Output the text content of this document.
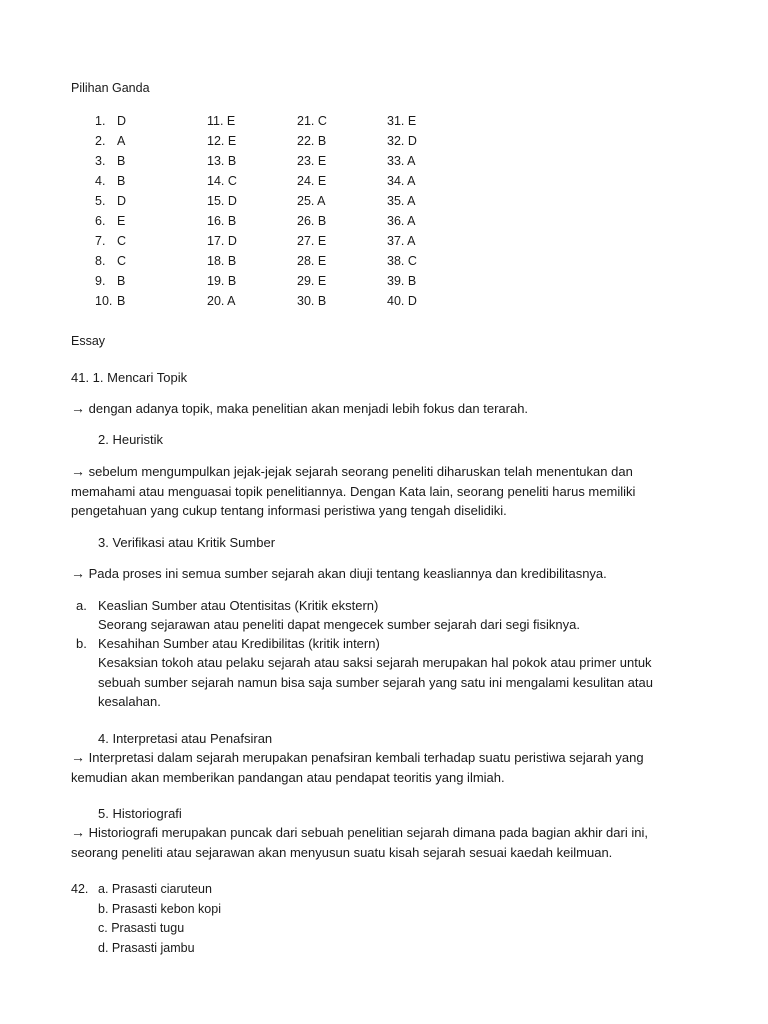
Pilihan Ganda
1. D	11. E	21. C	31. E
2. A	12. E	22. B	32. D
3. B	13. B	23. E	33. A
4. B	14. C	24. E	34. A
5. D	15. D	25. A	35. A
6. E	16. B	26. B	36. A
7. C	17. D	27. E	37. A
8. C	18. B	28. E	38. C
9. B	19. B	29. E	39. B
10. B	20. A	30. B	40. D
Essay
41. 1. Mencari Topik
→ dengan adanya topik, maka penelitian akan menjadi lebih fokus dan terarah.
2. Heuristik
→ sebelum mengumpulkan jejak-jejak sejarah seorang peneliti diharuskan telah menentukan dan memahami atau menguasai topik penelitiannya. Dengan Kata lain, seorang peneliti harus memiliki pengetahuan yang cukup tentang informasi peristiwa yang tengah diselidiki.
3. Verifikasi atau Kritik Sumber
→ Pada proses ini semua sumber sejarah akan diuji tentang keasliannya dan kredibilitasnya.
a. Keaslian Sumber atau Otentisitas (Kritik ekstern)
Seorang sejarawan atau peneliti dapat mengecek sumber sejarah dari segi fisiknya.
b. Kesahihan Sumber atau Kredibilitas (kritik intern)
Kesaksian tokoh atau pelaku sejarah atau saksi sejarah merupakan hal pokok atau primer untuk sebuah sumber sejarah namun bisa saja sumber sejarah yang satu ini mengalami kesulitan atau kesalahan.
4. Interpretasi atau Penafsiran
→ Interpretasi dalam sejarah merupakan penafsiran kembali terhadap suatu peristiwa sejarah yang kemudian akan memberikan pandangan atau pendapat teoritis yang ilmiah.
5. Historiografi
→ Historiografi merupakan puncak dari sebuah penelitian sejarah dimana pada bagian akhir dari ini, seorang peneliti atau sejarawan akan menyusun suatu kisah sejarah sesuai kaedah keilmuan.
42. a. Prasasti ciaruteun
b. Prasasti kebon kopi
c. Prasasti tugu
d. Prasasti jambu
